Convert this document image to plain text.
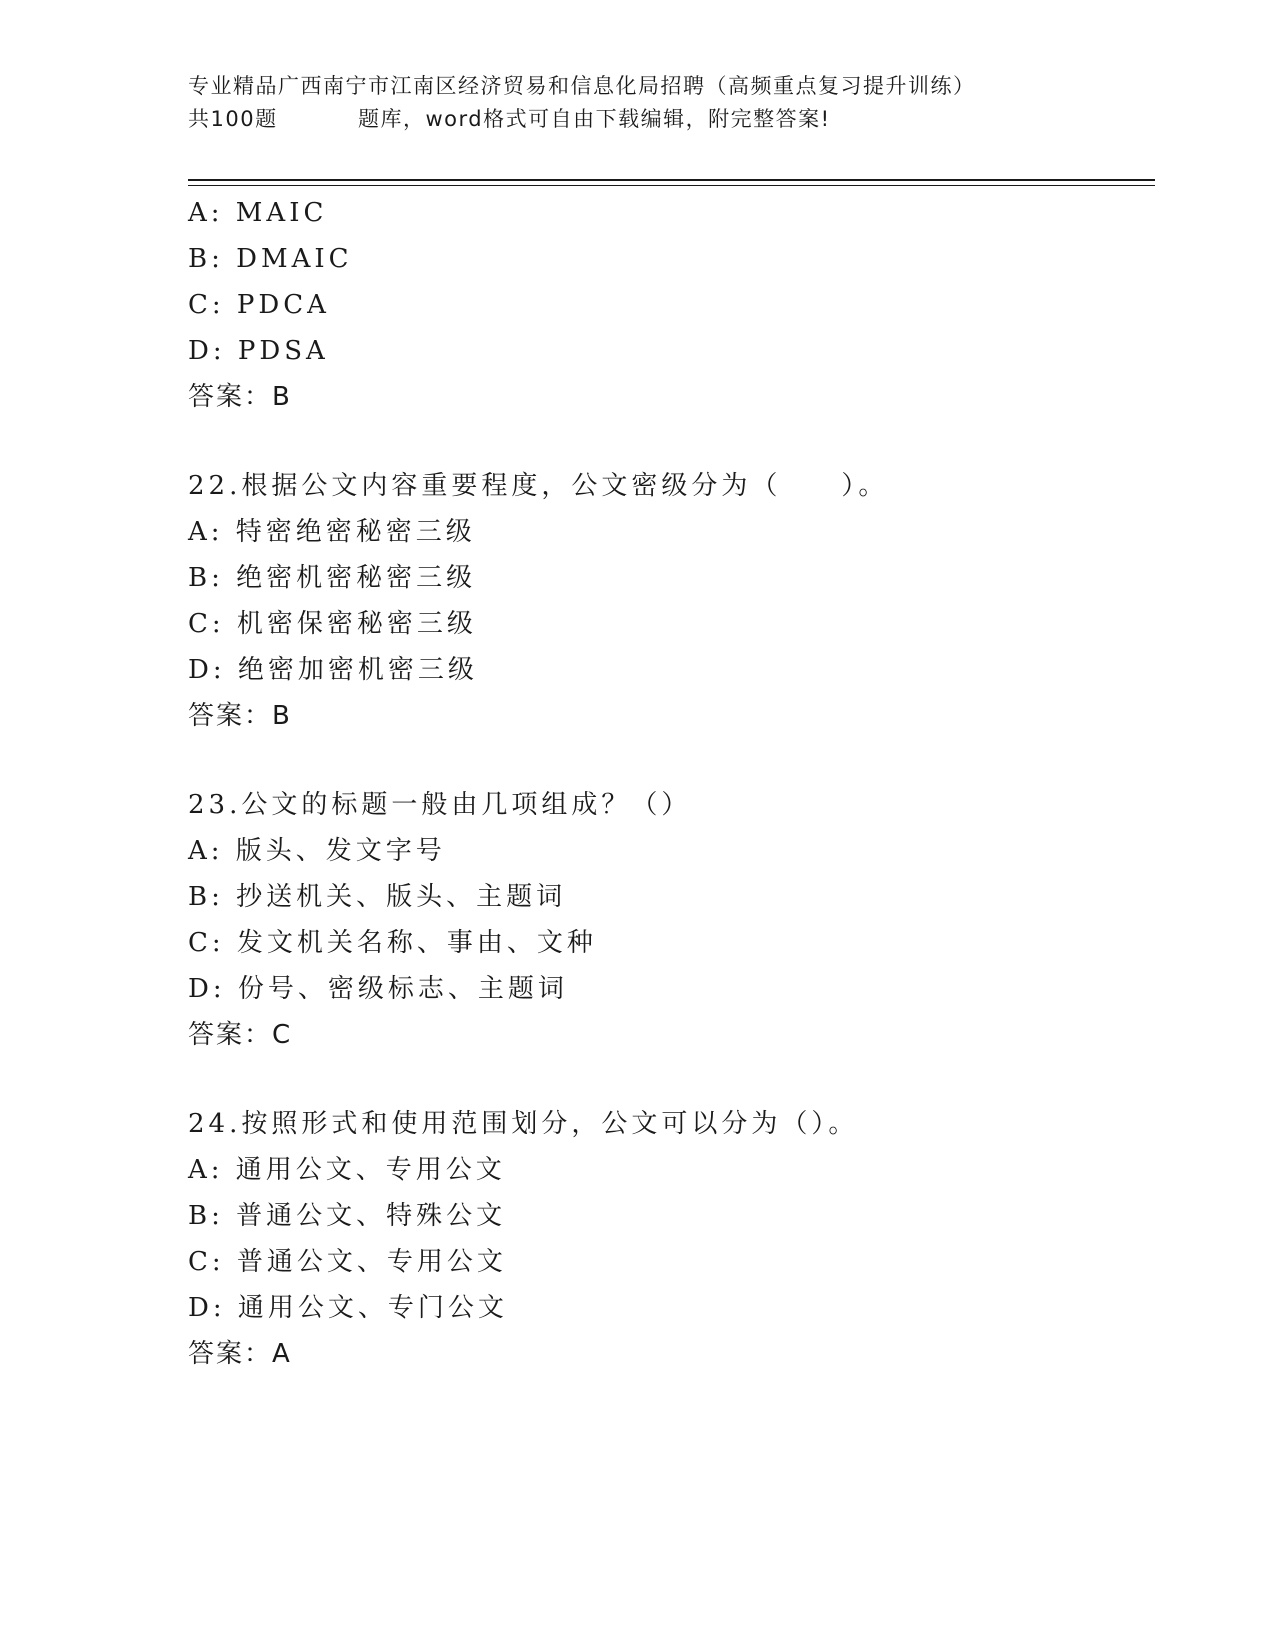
专业精品广西南宁市江南区经济贸易和信息化局招聘（高频重点复习提升训练）
共100题	题库，word格式可自由下载编辑，附完整答案!
A: MAIC
B: DMAIC
C: PDCA
D: PDSA
答案：B
22.根据公文内容重要程度，公文密级分为（　　）。
A: 特密绝密秘密三级
B: 绝密机密秘密三级
C: 机密保密秘密三级
D: 绝密加密机密三级
答案：B
23.公文的标题一般由几项组成？（）
A: 版头、发文字号
B: 抄送机关、版头、主题词
C: 发文机关名称、事由、文种
D: 份号、密级标志、主题词
答案：C
24.按照形式和使用范围划分，公文可以分为（）。
A: 通用公文、专用公文
B: 普通公文、特殊公文
C: 普通公文、专用公文
D: 通用公文、专门公文
答案：A
